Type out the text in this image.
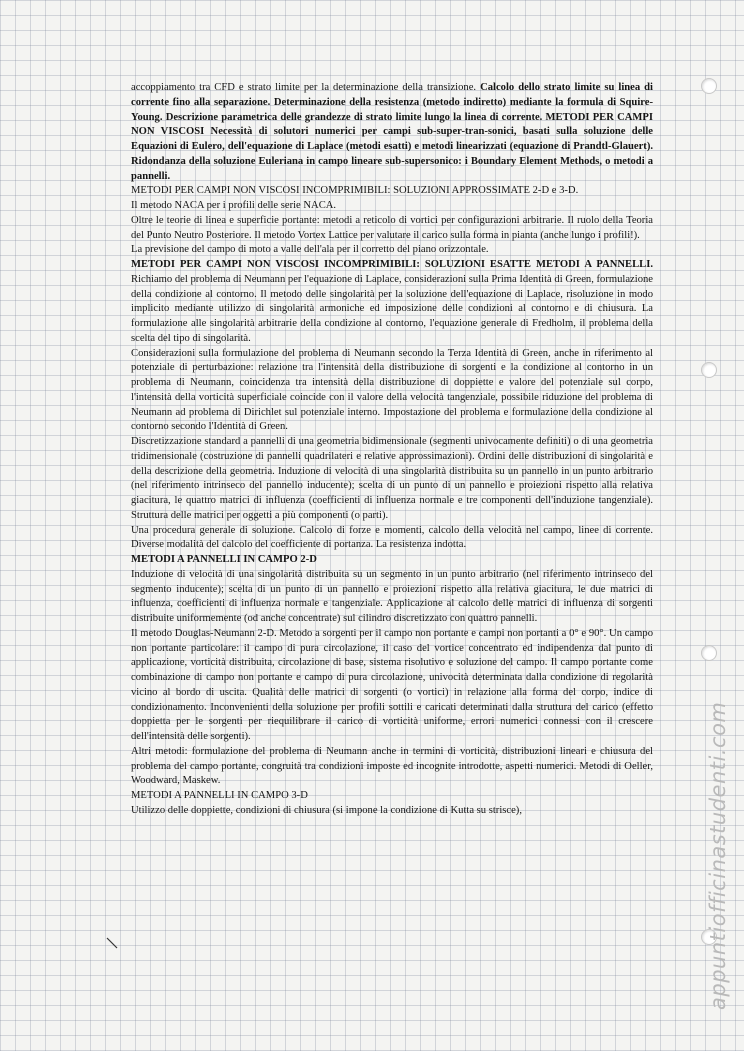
accoppiamento tra CFD e strato limite per la determinazione della transizione. Calcolo dello strato limite su linea di corrente fino alla separazione. Determinazione della resistenza (metodo indiretto) mediante la formula di Squire-Young. Descrizione parametrica delle grandezze di strato limite lungo la linea di corrente. METODI PER CAMPI NON VISCOSI Necessità di solutori numerici per campi sub-super-tran-sonici, basati sulla soluzione delle Equazioni di Eulero, dell'equazione di Laplace (metodi esatti) e metodi linearizzati (equazione di Prandtl-Glauert). Ridondanza della soluzione Euleriana in campo lineare sub-supersonico: i Boundary Element Methods, o metodi a pannelli.

METODI PER CAMPI NON VISCOSI INCOMPRIMIBILI: SOLUZIONI APPROSSIMATE 2-D e 3-D.

Il metodo NACA per i profili delle serie NACA.

Oltre le teorie di linea e superficie portante: metodi a reticolo di vortici per configurazioni arbitrarie. Il ruolo della Teoria del Punto Neutro Posteriore. Il metodo Vortex Lattice per valutare il carico sulla forma in pianta (anche lungo i profili!).

La previsione del campo di moto a valle dell'ala per il corretto del piano orizzontale.

METODI PER CAMPI NON VISCOSI INCOMPRIMIBILI: SOLUZIONI ESATTE METODI A PANNELLI. Richiamo del problema di Neumann per l'equazione di Laplace, considerazioni sulla Prima Identità di Green, formulazione della condizione al contorno. Il metodo delle singolarità per la soluzione dell'equazione di Laplace, risoluzione in modo implicito mediante utilizzo di singolarità armoniche ed imposizione delle condizioni al contorno e di chiusura. La formulazione alle singolarità arbitrarie della condizione al contorno, l'equazione generale di Fredholm, il problema della scelta del tipo di singolarità.

Considerazioni sulla formulazione del problema di Neumann secondo la Terza Identità di Green, anche in riferimento al potenziale di perturbazione: relazione tra l'intensità della distribuzione di sorgenti e la condizione al contorno in un problema di Neumann, coincidenza tra intensità della distribuzione di doppiette e valore del potenziale sul corpo, l'intensità della vorticità superficiale coincide con il valore della velocità tangenziale, possibile riduzione del problema di Neumann ad problema di Dirichlet sul potenziale interno. Impostazione del problema e formulazione della condizione al contorno secondo l'Identità di Green.

Discretizzazione standard a pannelli di una geometria bidimensionale (segmenti univocamente definiti) o di una geometria tridimensionale (costruzione di pannelli quadrilateri e relative approssimazioni). Ordini delle distribuzioni di singolarità e della descrizione della geometria. Induzione di velocità di una singolarità distribuita su un pannello in un punto arbitrario (nel riferimento intrinseco del pannello inducente); scelta di un punto di un pannello e proiezioni rispetto alla relativa giacitura, le quattro matrici di influenza (coefficienti di influenza normale e tre componenti dell'induzione tangenziale). Struttura delle matrici per oggetti a più componenti (o parti).

Una procedura generale di soluzione. Calcolo di forze e momenti, calcolo della velocità nel campo, linee di corrente. Diverse modalità del calcolo del coefficiente di portanza. La resistenza indotta.

METODI A PANNELLI IN CAMPO 2-D

Induzione di velocità di una singolarità distribuita su un segmento in un punto arbitrario (nel riferimento intrinseco del segmento inducente); scelta di un punto di un pannello e proiezioni rispetto alla relativa giacitura, le due matrici di influenza, coefficienti di influenza normale e tangenziale. Applicazione al calcolo delle matrici di influenza di sorgenti distribuite uniformemente (od anche concentrate) sul cilindro discretizzato con quattro pannelli.

Il metodo Douglas-Neumann 2-D. Metodo a sorgenti per il campo non portante e campi non portanti a 0° e 90°. Un campo non portante particolare: il campo di pura circolazione, il caso del vortice concentrato ed indipendenza dal punto di applicazione, vorticità distribuita, circolazione di base, sistema risolutivo e soluzione del campo. Il campo portante come combinazione di campo non portante e campo di pura circolazione, univocità determinata dalla condizione di regolarità vicino al bordo di uscita. Qualità delle matrici di sorgenti (o vortici) in relazione alla forma del corpo, indice di condizionamento. Inconvenienti della soluzione per profili sottili e caricati determinati dalla struttura del carico (effetto doppietta per le sorgenti per riequilibrare il carico di vorticità uniforme, errori numerici connessi con il crescere dell'intensità delle sorgenti).

Altri metodi: formulazione del problema di Neumann anche in termini di vorticità, distribuzioni lineari e chiusura del problema del campo portante, congruità tra condizioni imposte ed incognite introdotte, aspetti numerici. Metodi di Oeller, Woodward, Maskew.

METODI A PANNELLI IN CAMPO 3-D

Utilizzo delle doppiette, condizioni di chiusura (si impone la condizione di Kutta su strisce),	appuntiofficinastudenti.com
